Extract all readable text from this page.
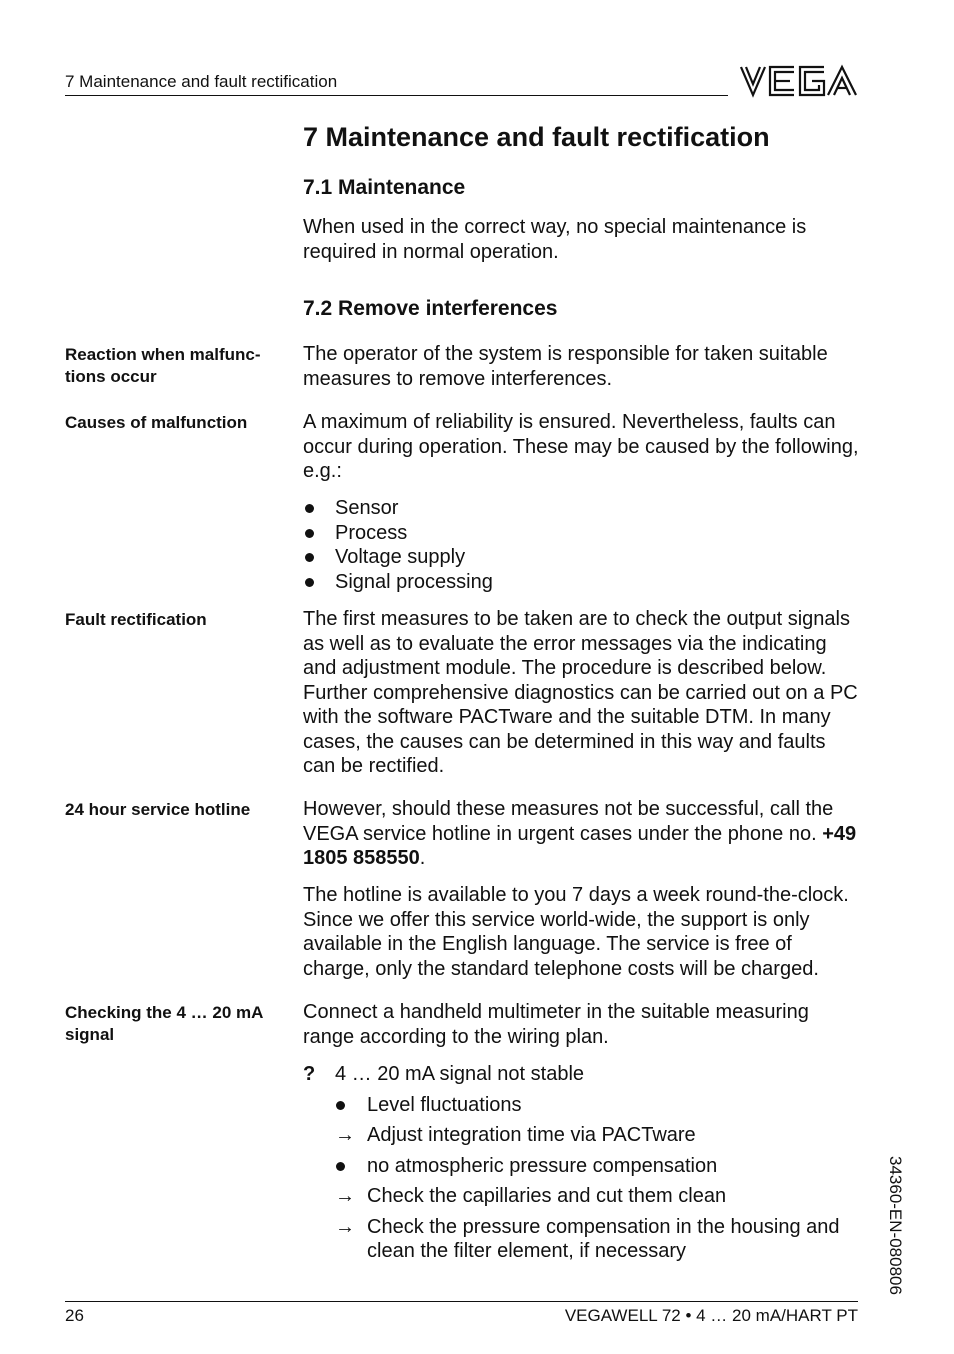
7 Maintenance and fault rectification
7 Maintenance and fault rectification
7.1 Maintenance
When used in the correct way, no special maintenance is required in normal operation.
7.2 Remove interferences
Reaction when malfunc-tions occur
The operator of the system is responsible for taken suitable measures to remove interferences.
Causes of malfunction	A maximum of reliability is ensured. Nevertheless, faults can occur during operation. These may be caused by the following, e.g.:
Sensor
Process
Voltage supply
Signal processing
Fault rectification	The first measures to be taken are to check the output signals as well as to evaluate the error messages via the indicating and adjustment module. The procedure is described below. Further comprehensive diagnostics can be carried out on a PC with the software PACTware and the suitable DTM. In many cases, the causes can be determined in this way and faults can be rectified.
24 hour service hotline	However, should these measures not be successful, call the VEGA service hotline in urgent cases under the phone no. +49 1805 858550.
The hotline is available to you 7 days a week round-the-clock. Since we offer this service world-wide, the support is only available in the English language. The service is free of charge, only the standard telephone costs will be charged.
Checking the 4 … 20 mA signal
Connect a handheld multimeter in the suitable measuring range according to the wiring plan.
? 4 … 20 mA signal not stable
Level fluctuations
→ Adjust integration time via PACTware
no atmospheric pressure compensation
→ Check the capillaries and cut them clean
→ Check the pressure compensation in the housing and clean the filter element, if necessary	34360-EN-080806
26	VEGAWELL 72 • 4 … 20 mA/HART PT
